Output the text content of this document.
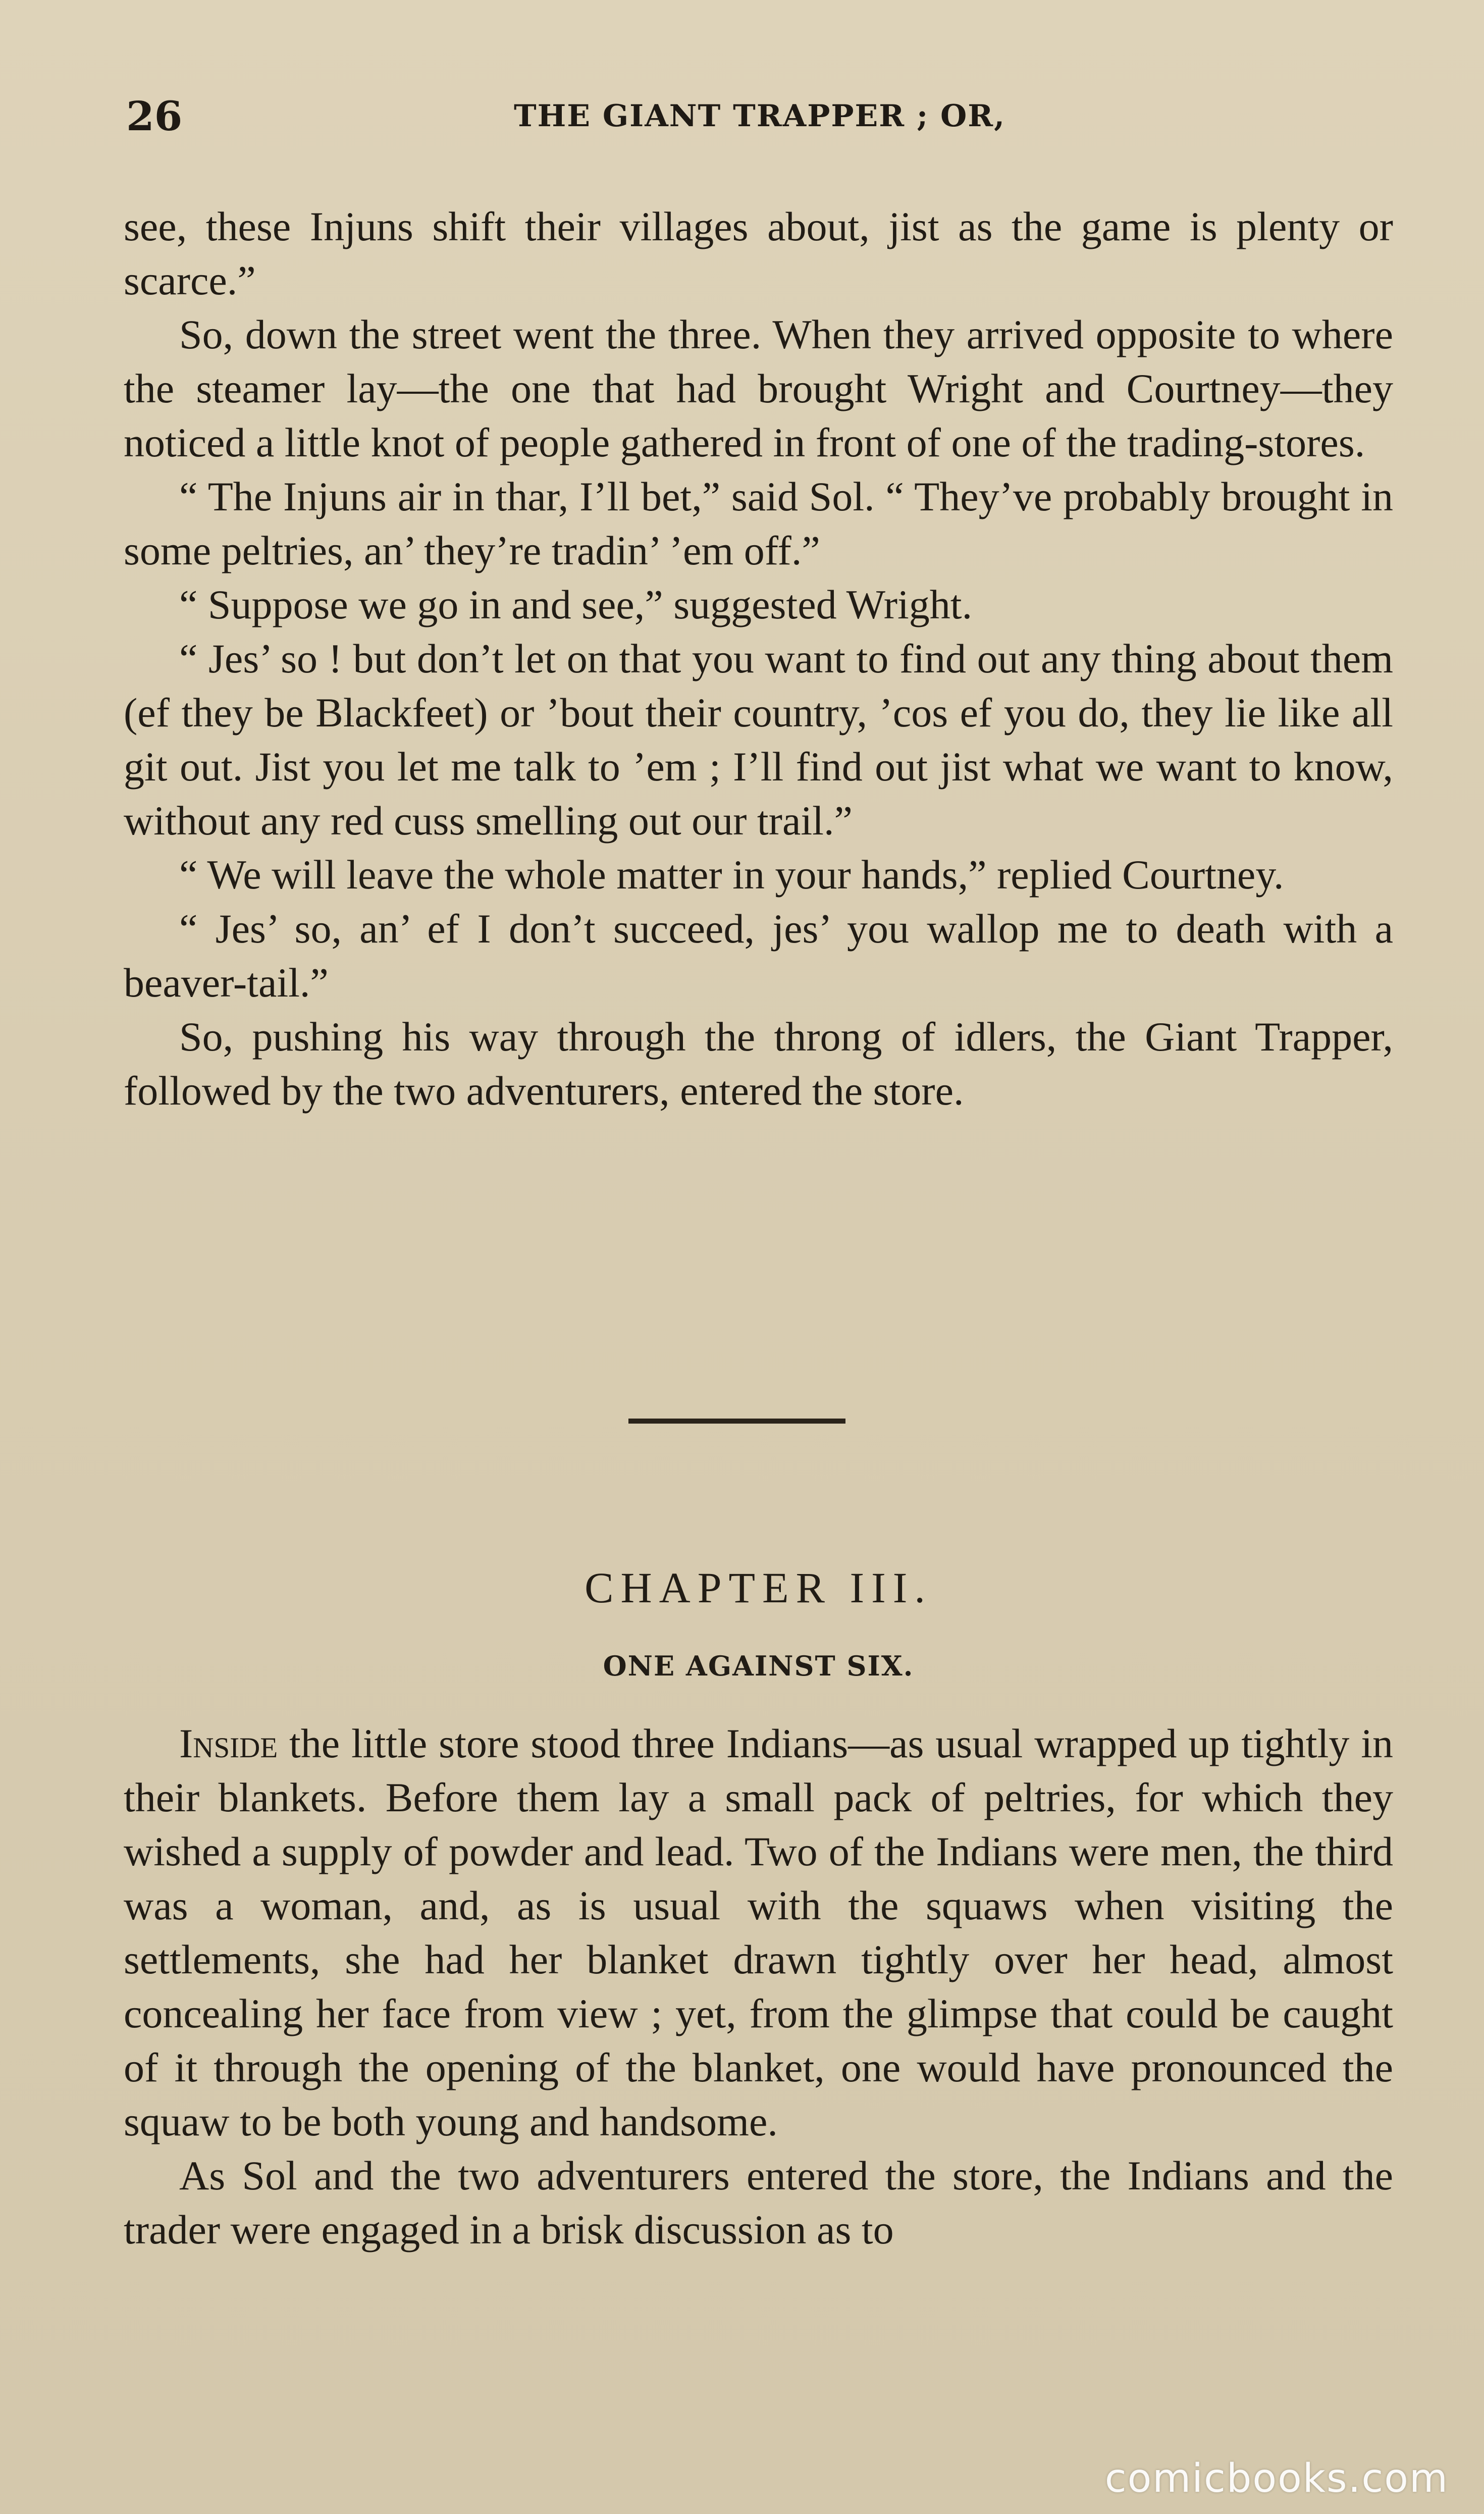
26	THE GIANT TRAPPER ; OR,

see, these Injuns shift their villages about, jist as the game is plenty or scarce.”

So, down the street went the three. When they arrived opposite to where the steamer lay—the one that had brought Wright and Courtney—they noticed a little knot of people gathered in front of one of the trading-stores.

“ The Injuns air in thar, I’ll bet,” said Sol. “ They’ve probably brought in some peltries, an’ they’re tradin’ ’em off.”

“ Suppose we go in and see,” suggested Wright.

“ Jes’ so ! but don’t let on that you want to find out any thing about them (ef they be Blackfeet) or ’bout their country, ’cos ef you do, they lie like all git out. Jist you let me talk to ’em ; I’ll find out jist what we want to know, without any red cuss smelling out our trail.”

“ We will leave the whole matter in your hands,” replied Courtney.

“ Jes’ so, an’ ef I don’t succeed, jes’ you wallop me to death with a beaver-tail.”

So, pushing his way through the throng of idlers, the Giant Trapper, followed by the two adventurers, entered the store.

CHAPTER III.
ONE AGAINST SIX.

Inside the little store stood three Indians—as usual wrapped up tightly in their blankets. Before them lay a small pack of peltries, for which they wished a supply of powder and lead. Two of the Indians were men, the third was a woman, and, as is usual with the squaws when visiting the settlements, she had her blanket drawn tightly over her head, almost concealing her face from view ; yet, from the glimpse that could be caught of it through the opening of the blanket, one would have pronounced the squaw to be both young and handsome.

As Sol and the two adventurers entered the store, the Indians and the trader were engaged in a brisk discussion as to

comicbooks.com
